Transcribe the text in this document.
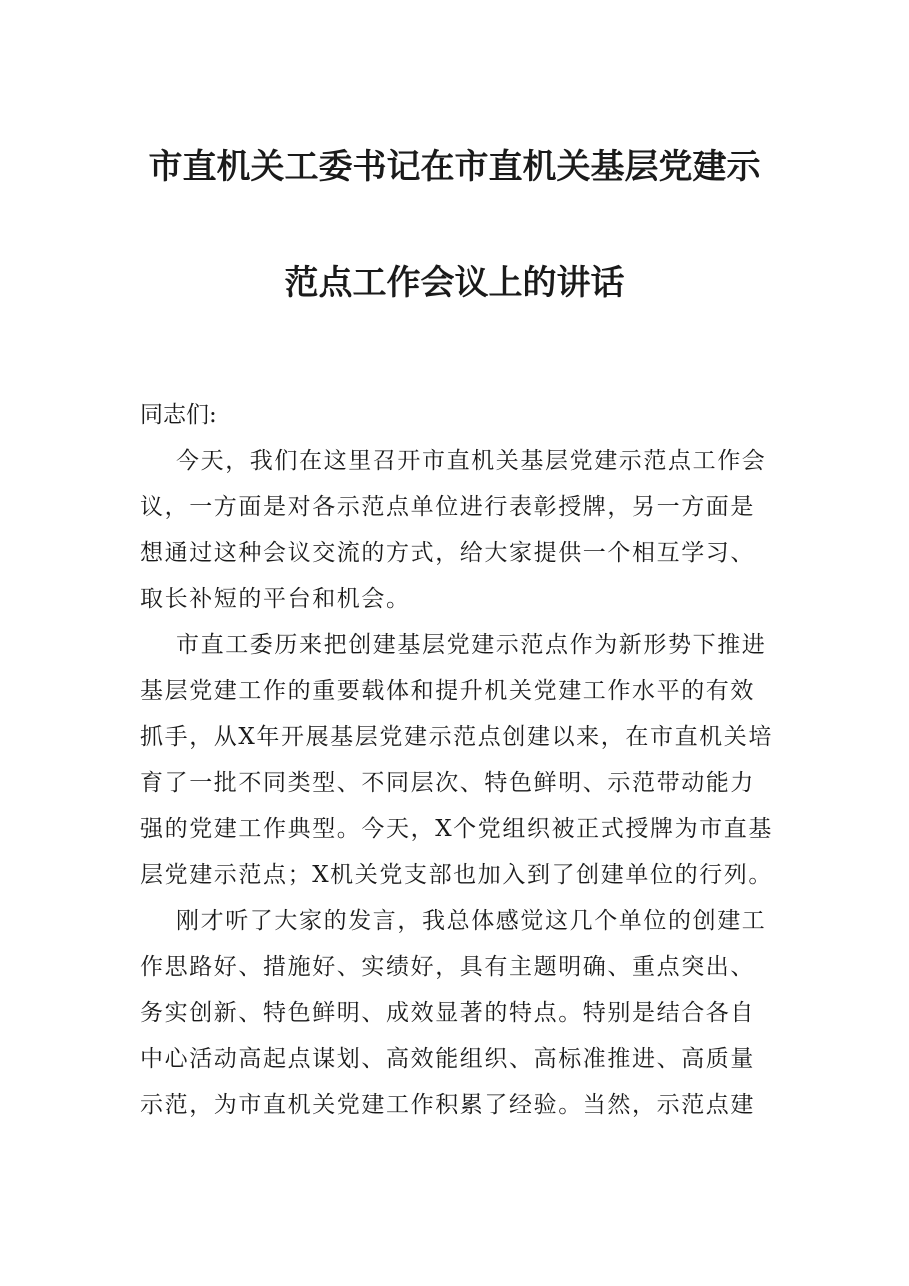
市直机关工委书记在市直机关基层党建示
范点工作会议上的讲话
同志们:
今天，我们在这里召开市直机关基层党建示范点工作会
议，一方面是对各示范点单位进行表彰授牌，另一方面是
想通过这种会议交流的方式，给大家提供一个相互学习、
取长补短的平台和机会。
市直工委历来把创建基层党建示范点作为新形势下推进
基层党建工作的重要载体和提升机关党建工作水平的有效
抓手，从X年开展基层党建示范点创建以来，在市直机关培
育了一批不同类型、不同层次、特色鲜明、示范带动能力
强的党建工作典型。今天，X个党组织被正式授牌为市直基
层党建示范点；X机关党支部也加入到了创建单位的行列。
刚才听了大家的发言，我总体感觉这几个单位的创建工
作思路好、措施好、实绩好，具有主题明确、重点突出、
务实创新、特色鲜明、成效显著的特点。特别是结合各自
中心活动高起点谋划、高效能组织、高标准推进、高质量
示范，为市直机关党建工作积累了经验。当然，示范点建
